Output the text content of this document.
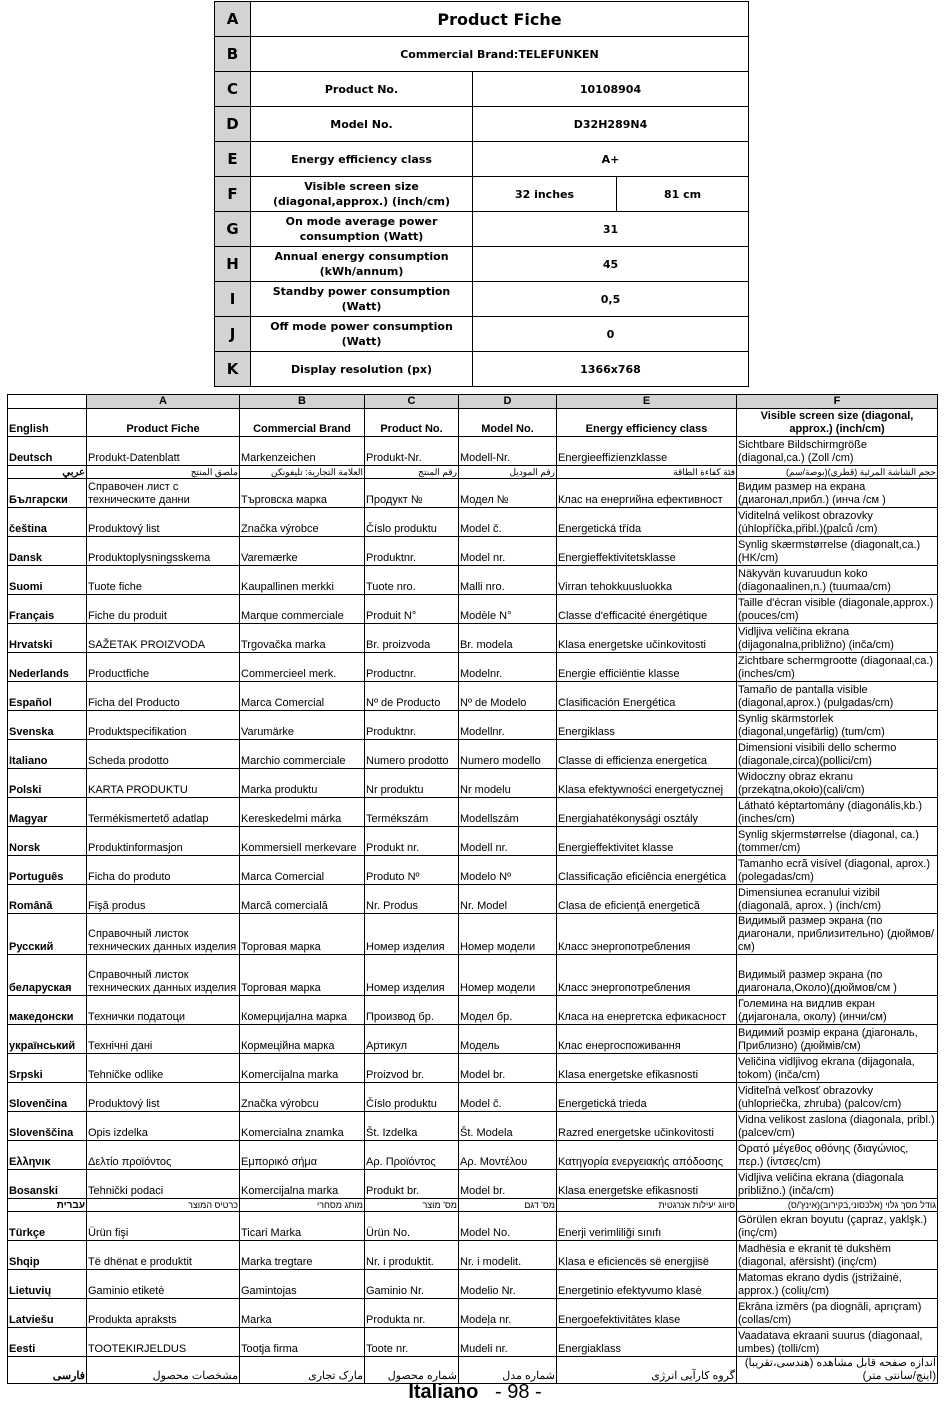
A	Product Fiche		
B	Commercial Brand:TELEFUNKEN		
C	Product No.	10108904	
D	Model No.	D32H289N4	
E	Energy efficiency class	A+	
F	Visible screen size (diagonal,approx.) (inch/cm)	32 inches	81 cm
G	On mode average power consumption (Watt)	31	
H	Annual energy consumption (kWh/annum)	45	
I	Standby power consumption (Watt)	0,5	
J	Off mode power consumption (Watt)	0	
K	Display resolution (px)	1366x768	
	A	B	C	D	E	F
English	Product Fiche	Commercial Brand	Product No.	Model No.	Energy efficiency class	Visible screen size (diagonal, approx.) (inch/cm)
Deutsch	Produkt-Datenblatt	Markenzeichen	Produkt-Nr.	Modell-Nr.	Energieeffizienzklasse	Sichtbare Bildschirmgröße (diagonal,ca.) (Zoll /cm)
عربي	ملصق المنتج	العلامة التجارية: تليفونكن	رقم المنتج	رقم الموديل	فئة كفاءة الطاقة	حجم الشاشة المرئية (قطري)(بوصة/سم)
Български	Справочен лист с техническите данни	Търговска марка	Продукт №	Модел №	Клас на енергийна ефективност	Видим размер на екрана (диагонал,прибл.) (инча /см )
čeština	Produktový list	Značka výrobce	Číslo produktu	Model č.	Energetická třída	Viditelná velikost obrazovky (úhlopříčka,přibl.)(palců /cm)
Dansk	Produktoplysningsskema	Varemærke	Produktnr.	Model nr.	Energieffektivitetsklasse	Synlig skærmstørrelse (diagonalt,ca.) (HK/cm)
Suomi	Tuote fiche	Kaupallinen merkki	Tuote nro.	Malli nro.	Virran tehokkuusluokka	Näkyvän kuvaruudun koko (diagonaalinen,n.) (tuumaa/cm)
Français	Fiche du produit	Marque commerciale	Produit N°	Modèle N°	Classe d'efficacité énergétique	Taille d'écran visible (diagonale,approx.) (pouces/cm)
Hrvatski	SAŽETAK PROIZVODA	Trgovačka marka	Br. proizvoda	Br. modela	Klasa energetske učinkovitosti	Vidljiva veličina ekrana (dijagonalna,približno) (inča/cm)
Nederlands	Productfiche	Commercieel merk.	Productnr.	Modelnr.	Energie efficiëntie klasse	Zichtbare schermgrootte (diagonaal,ca.) (inches/cm)
Español	Ficha del Producto	Marca Comercial	Nº de Producto	Nº de Modelo	Clasificación Energética	Tamaño de pantalla visible (diagonal,aprox.) (pulgadas/cm)
Svenska	Produktspecifikation	Varumärke	Produktnr.	Modellnr.	Energiklass	Synlig skärmstorlek (diagonal,ungefärlig) (tum/cm)
Italiano	Scheda prodotto	Marchio commerciale	Numero prodotto	Numero modello	Classe di efficienza energetica	Dimensioni visibili dello schermo (diagonale,circa)(pollici/cm)
Polski	KARTA PRODUKTU	Marka produktu	Nr produktu	Nr modelu	Klasa efektywności energetycznej	Widoczny obraz ekranu (przekątna,około)(cali/cm)
Magyar	Termékismertető adatlap	Kereskedelmi márka	Termékszám	Modellszám	Energiahatékonysági osztály	Látható képtartomány (diagonális,kb.) (inches/cm)
Norsk	Produktinformasjon	Kommersiell merkevare	Produkt nr.	Modell nr.	Energieffektivitet klasse	Synlig skjermstørrelse (diagonal, ca.) (tommer/cm)
Português	Ficha do produto	Marca Comercial	Produto Nº	Modelo Nº	Classificação eficiência energética	Tamanho ecrã visível (diagonal, aprox.) (polegadas/cm)
Română	Fişă produs	Marcă comercială	Nr. Produs	Nr. Model	Clasa de eficienţă energetică	Dimensiunea ecranului vizibil (diagonală, aprox. ) (inch/cm)
Русский	Справочный листок технических данных изделия	Торговая марка	Номер изделия	Номер модели	Класс энергопотребления	Видимый размер экрана (по диагонали, приблизительно) (дюймов/см)
беларуская	Справочный листок технических данных изделия	Торговая марка	Номер изделия	Номер модели	Класс энергопотребления	Видимый размер экрана (по диагонала,Около)(дюймов/см )
македонски	Технички податоци	Комерцијална марка	Производ бр.	Модел бр.	Класа на енергетска ефикасност	Големина на видлив екран (дијагонала, околу) (инчи/см)
український	Технічні дані	Кормецiйна марка	Артикул	Модель	Клас енергоспоживання	Видимий розмір екрана (діагональ, Приблизно) (дюймів/см)
Srpski	Tehničke odlike	Komercijalna marka	Proizvod br.	Model br.	Klasa energetske efikasnosti	Veličina vidljivog ekrana (dijagonala, tokom) (inča/cm)
Slovenčina	Produktový list	Značka výrobcu	Číslo produktu	Model č.	Energetická trieda	Viditeľná veľkosť obrazovky (uhlopriečka, zhruba) (palcov/cm)
Slovenščina	Opis izdelka	Komercialna znamka	Št. Izdelka	Št. Modela	Razred energetske učinkovitosti	Vidna velikost zaslona (diagonala, pribl.) (palcev/cm)
Ελληνικ	Δελτίο προϊόντος	Εμπορικό σήμα	Αρ. Προϊόντος	Αρ. Μοντέλου	Κατηγορία ενεργειακής απόδοσης	Ορατό μέγεθος οθόνης (διαγώνιος, περ.) (ίντσες/cm)
Bosanski	Tehnički podaci	Komercijalna marka	Produkt br.	Model br.	Klasa energetske efikasnosti	Vidljiva veličina ekrana (diagonala približno.) (inča/cm)
עברית	כרטיס המוצר	מותג מסחרי	מס' מוצר	מס' דגם	סיווג יעילות אנרגטית	גודל מסך גלוי (אלכסוני,בקירוב)(אינץ'/ס)
Türkçe	Ürün fişi	Ticari Marka	Ürün No.	Model No.	Enerji verimliliği sınıfı	Görülen ekran boyutu (çapraz, yaklşk.) (inç/cm)
Shqip	Të dhënat e produktit	Marka tregtare	Nr. i produktit.	Nr. i modelit.	Klasa e eficiencës së energjisë	Madhësia e ekranit të dukshëm (diagonal, afërsisht) (inç/cm)
Lietuvių	Gaminio etiketė	Gamintojas	Gaminio Nr.	Modelio Nr.	Energetinio efektyvumo klasė	Matomas ekrano dydis (įstrižainė, approx.) (colių/cm)
Latviešu	Produkta apraksts	Marka	Produkta nr.	Modeļa nr.	Energoefektivitātes klase	Ekrāna izmērs (pa diognāli, aprıçram) (collas/cm)
Eesti	TOOTEKIRJELDUS	Tootja firma	Toote nr.	Mudeli nr.	Energiaklass	Vaadatava ekraani suurus (diagonaal, umbes) (tolli/cm)
فارسی	مشخصات محصول	مارک تجاری	شماره محصول	شماره مدل	گروه کارآیی انرژی	اندازه صفحه قابل مشاهده (هندسی،تقریباً) (اینچ/سانتی متر)
Italiano - 98 -
